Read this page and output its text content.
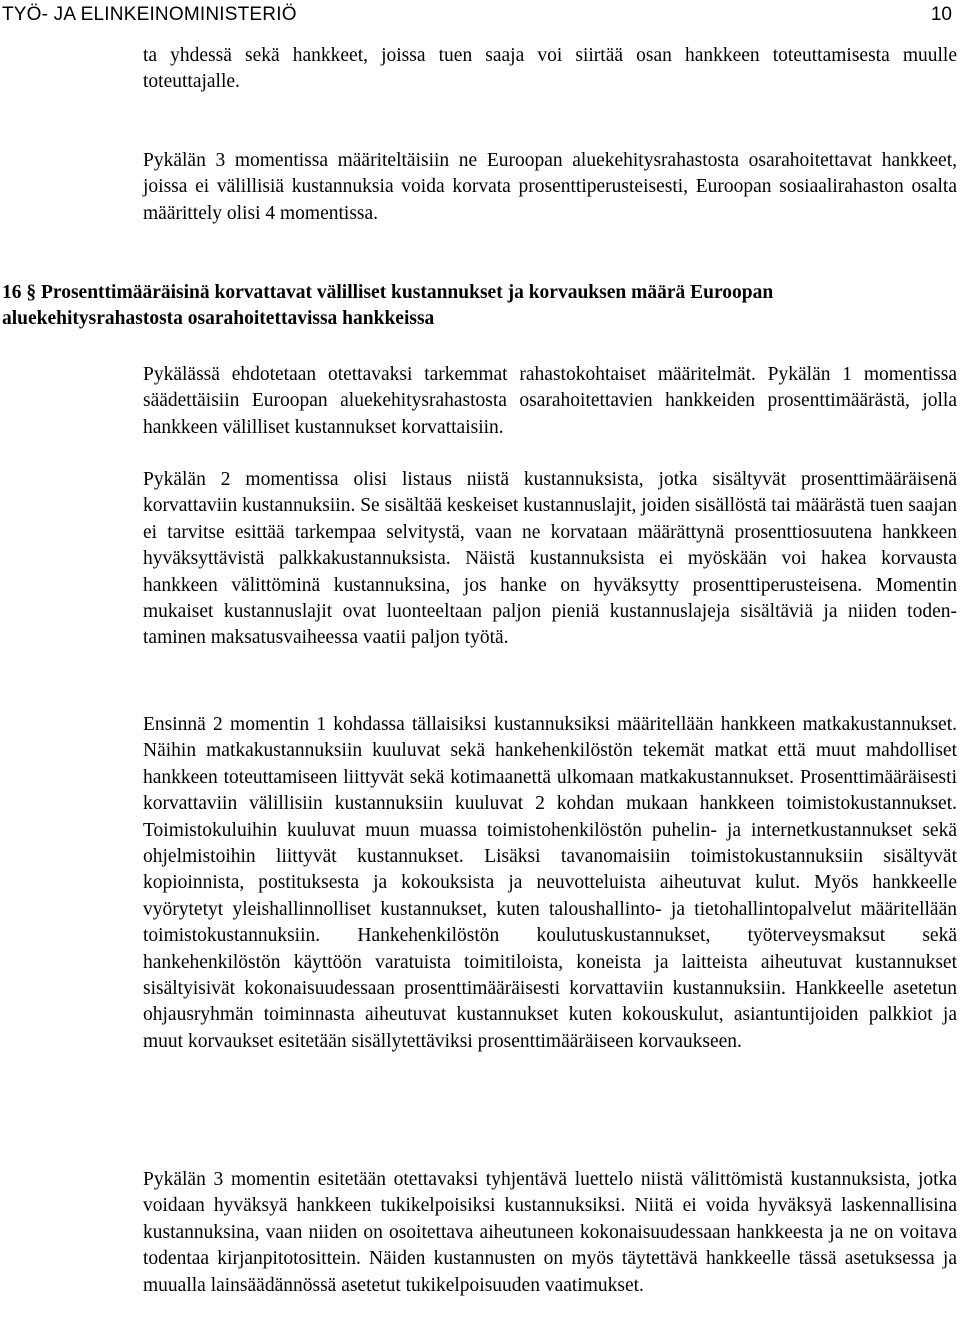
TYÖ- JA ELINKEINOMINISTERIÖ	10

ta yhdessä sekä hankkeet, joissa tuen saaja voi siirtää osan hankkeen toteuttamisesta muulle toteuttajalle.

Pykälän 3 momentissa määriteltäisiin ne Euroopan aluekehitysrahastosta osarahoitettavat hankkeet, joissa ei välillisiä kustannuksia voida korvata prosenttiperusteisesti, Euroopan sosiaalirahaston osalta määrittely olisi 4 momentissa.

16 § Prosenttimääräisinä korvattavat välilliset kustannukset ja korvauksen määrä Euroopan aluekehitysrahastosta osarahoitettavissa hankkeissa

Pykälässä ehdotetaan otettavaksi tarkemmat rahastokohtaiset määritelmät. Pykälän 1 momentissa säädettäisiin Euroopan aluekehitysrahastosta osarahoitettavien hankkeiden prosenttimäärästä, jolla hankkeen välilliset kustannukset korvattaisiin.

Pykälän 2 momentissa olisi listaus niistä kustannuksista, jotka sisältyvät prosenttimääräisenä korvattaviin kustannuksiin. Se sisältää keskeiset kustannuslajit, joiden sisällöstä tai määrästä tuen saajan ei tarvitse esittää tarkempaa selvitystä, vaan ne korvataan määrättynä prosenttiosuutena hankkeen hyväksyttävistä palkkakustannuksista. Näistä kustannuksista ei myöskään voi hakea korvausta hankkeen välittöminä kustannuksina, jos hanke on hyväksytty prosenttiperusteisena. Momentin mukaiset kustannuslajit ovat luonteeltaan paljon pieniä kustannuslajeja sisältäviä ja niiden todentaminen maksatusvaiheessa vaatii paljon työtä.

Ensinnä 2 momentin 1 kohdassa tällaisiksi kustannuksiksi määritellään hankkeen matkakustannukset. Näihin matkakustannuksiin kuuluvat sekä hankehenkilöstön tekemät matkat että muut mahdolliset hankkeen toteuttamiseen liittyvät sekä kotimaanettä ulkomaan matkakustannukset. Prosenttimääräisesti korvattaviin välillisiin kustannuksiin kuuluvat 2 kohdan mukaan hankkeen toimistokustannukset. Toimistokuluihin kuuluvat muun muassa toimistohenkilöstön puhelin- ja internetkustannukset sekä ohjelmistoihin liittyvät kustannukset. Lisäksi tavanomaisiin toimistokustannuksiin sisältyvät kopioinnista, postituksesta ja kokouksista ja neuvotteluista aiheutuvat kulut. Myös hankkeelle vyörytetyt yleishallinnolliset kustannukset, kuten taloushallinto- ja tietohallintopalvelut määritellään toimistokustannuksiin. Hankehenkilöstön koulutuskustannukset, työterveysmaksut sekä hankehenkilöstön käyttöön varatuista toimitiloista, koneista ja laitteista aiheutuvat kustannukset sisältyisivät kokonaisuudessaan prosenttimääräisesti korvattaviin kustannuksiin. Hankkeelle asetetun ohjausryhmän toiminnasta aiheutuvat kustannukset kuten kokouskulut, asiantuntijoiden palkkiot ja muut korvaukset esitetään sisällytettäviksi prosenttimääräiseen korvaukseen.

Pykälän 3 momentin esitetään otettavaksi tyhjentävä luettelo niistä välittömistä kustannuksista, jotka voidaan hyväksyä hankkeen tukikelpoisiksi kustannuksiksi. Niitä ei voida hyväksyä laskennallisina kustannuksina, vaan niiden on osoitettava aiheutuneen kokonaisuudessaan hankkeesta ja ne on voitava todentaa kirjanpitotosittein. Näiden kustannusten on myös täytettävä hankkeelle tässä asetuksessa ja muualla lainsäädännössä asetetut tukikelpoisuuden vaatimukset.
